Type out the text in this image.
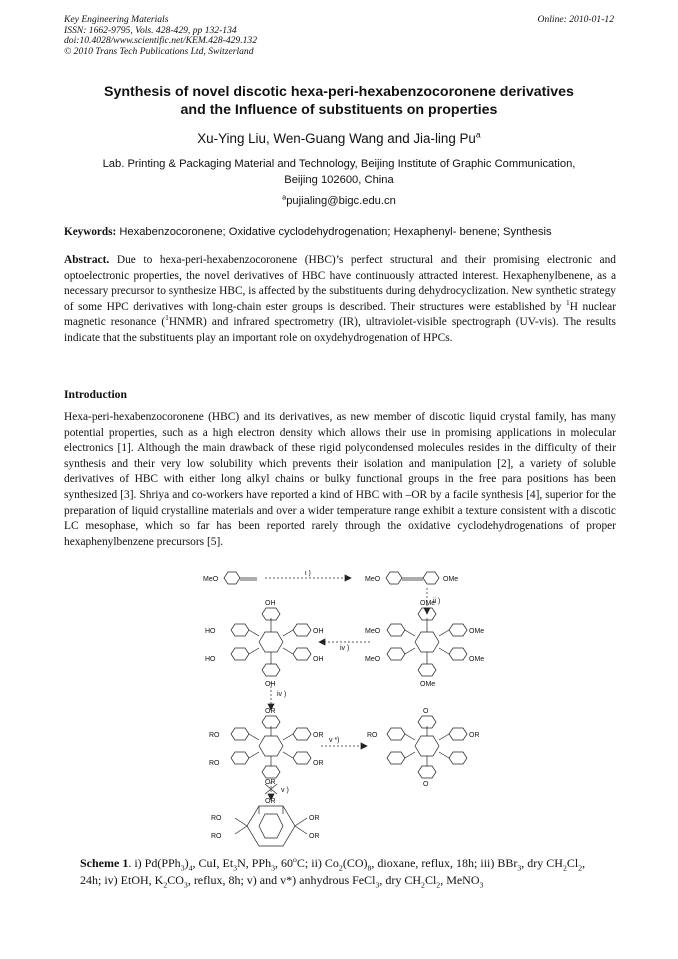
Key Engineering Materials
ISSN: 1662-9795, Vols. 428-429, pp 132-134
doi:10.4028/www.scientific.net/KEM.428-429.132
© 2010 Trans Tech Publications Ltd, Switzerland
Online: 2010-01-12
Synthesis of novel discotic hexa-peri-hexabenzocoronene derivatives
and the Influence of substituents on properties
Xu-Ying Liu, Wen-Guang Wang and Jia-ling Pu$^a$
Lab. Printing & Packaging Material and Technology, Beijing Institute of Graphic Communication,
Beijing 102600, China
$^a$pujialing@bigc.edu.cn
Keywords: Hexabenzocoronene; Oxidative cyclodehydrogenation; Hexaphenyl- benene; Synthesis
Abstract. Due to hexa-peri-hexabenzocoronene (HBC)’s perfect structural and their promising electronic and optoelectronic properties, the novel derivatives of HBC have continuously attracted interest. Hexaphenylbenene, as a necessary precursor to synthesize HBC, is affected by the substituents during dehydrocyclization. New synthetic strategy of some HPC derivatives with long-chain ester groups is described. Their structures were established by $^1$H nuclear magnetic resonance ($^1$HNMR) and infrared spectrometry (IR), ultraviolet-visible spectrograph (UV-vis). The results indicate that the substituents play an important role on oxydehydrogenation of HPCs.
Introduction
Hexa-peri-hexabenzocoronene (HBC) and its derivatives, as new member of discotic liquid crystal family, has many potential properties, such as a high electron density which allows their use in promising applications in molecular electronics [1]. Although the main drawback of these rigid polycondensed molecules resides in the difficulty of their synthesis and their very low solubility which prevents their isolation and manipulation [2], a variety of soluble derivatives of HBC with either long alkyl chains or bulky functional groups in the free para positions has been synthesized [3]. Shriya and co-workers have reported a kind of HBC with –OR by a facile synthesis [4], superior for the preparation of liquid crystalline materials and over a wider temperature range exhibit a texture consistent with a discotic LC mesophase, which so far has been reported rarely through the oxidative cyclodehydrogenations of proper hexaphenylbenzene precursors [5].
MeO
i )
MeO	OMe
ii )
OH
HO	OH
HO	OH
OH
OMe
MeO	OMe
MeO	OMe
OMe
iv )
iv )
OR
RO	OR
RO	OR
OR
v *)
O
RO	OR
O
v )
OR
RO	OR
RO	OR
Scheme 1. i) $Pd(PPh_3)_4$, CuI, $Et_3N$, PPh$_3$, 60$^o$C; ii) $Co_2(CO)_8$, dioxane, reflux, 18h; iii) BBr$_3$, dry $CH_2Cl_2$, 24h; iv) EtOH, $K_2CO_3$, reflux, 8h; v) and v*) anhydrous FeCl$_3$, dry $CH_2Cl_2$, MeNO$_3$
